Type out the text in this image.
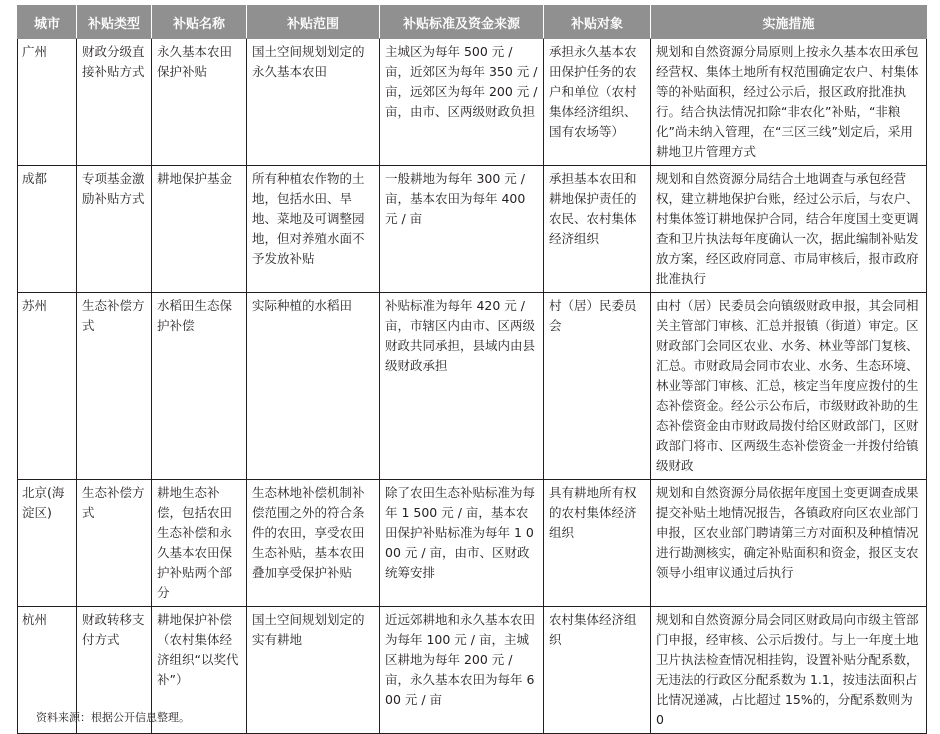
城市	补贴类型	补贴名称	补贴范围	补贴标准及资金来源	补贴对象	实施措施
广州	财政分级直接补贴方式	永久基本农田保护补贴	国土空间规划划定的永久基本农田	主城区为每年 500 元 / 亩，近郊区为每年 350 元 / 亩，远郊区为每年 200 元 / 亩，由市、区两级财政负担	承担永久基本农田保护任务的农户和单位（农村集体经济组织、国有农场等）	规划和自然资源分局原则上按永久基本农田承包经营权、集体土地所有权范围确定农户、村集体等的补贴面积，经过公示后，报区政府批准执行。结合执法情况扣除“非农化”补贴，“非粮化”尚未纳入管理，在“三区三线”划定后，采用耕地卫片管理方式
成都	专项基金激励补贴方式	耕地保护基金	所有种植农作物的土地，包括水田、旱地、菜地及可调整园地，但对养殖水面不予发放补贴	一般耕地为每年 300 元 / 亩，基本农田为每年 400 元 / 亩	承担基本农田和耕地保护责任的农民、农村集体经济组织	规划和自然资源分局结合土地调查与承包经营权，建立耕地保护台账，经过公示后，与农户、村集体签订耕地保护合同，结合年度国土变更调查和卫片执法每年度确认一次，据此编制补贴发放方案，经区政府同意、市局审核后，报市政府批准执行
苏州	生态补偿方式	水稻田生态保护补偿	实际种植的水稻田	补贴标准为每年 420 元 / 亩，市辖区内由市、区两级财政共同承担，县域内由县级财政承担	村（居）民委员会	由村（居）民委员会向镇级财政申报，其会同相关主管部门审核、汇总并报镇（街道）审定。区财政部门会同区农业、水务、林业等部门复核、汇总。市财政局会同市农业、水务、生态环境、林业等部门审核、汇总，核定当年度应拨付的生态补偿资金。经公示公布后，市级财政补助的生态补偿资金由市财政局拨付给区财政部门，区财政部门将市、区两级生态补偿资金一并拨付给镇级财政
北京(海淀区)	生态补偿方式	耕地生态补偿，包括农田生态补偿和永久基本农田保护补贴两个部分	生态林地补偿机制补偿范围之外的符合条件的农田，享受农田生态补贴，基本农田叠加享受保护补贴	除了农田生态补贴标准为每年 1 500 元 / 亩，基本农田保护补贴标准为每年 1 000 元 / 亩，由市、区财政统筹安排	具有耕地所有权的农村集体经济组织	规划和自然资源分局依据年度国土变更调查成果提交补贴土地情况报告，各镇政府向区农业部门申报，区农业部门聘请第三方对面积及种植情况进行勘测核实，确定补贴面积和资金，报区支农领导小组审议通过后执行
杭州	财政转移支付方式	耕地保护补偿（农村集体经济组织“以奖代补”）	国土空间规划划定的实有耕地	近远郊耕地和永久基本农田为每年 100 元 / 亩，主城区耕地为每年 200 元 / 亩，永久基本农田为每年 600 元 / 亩	农村集体经济组织	规划和自然资源分局会同区财政局向市级主管部门申报，经审核、公示后拨付。与上一年度土地卫片执法检查情况相挂钩，设置补贴分配系数，无违法的行政区分配系数为 1.1，按违法面积占比情况递减，占比超过 15%的，分配系数则为 0
资料来源：根据公开信息整理。
